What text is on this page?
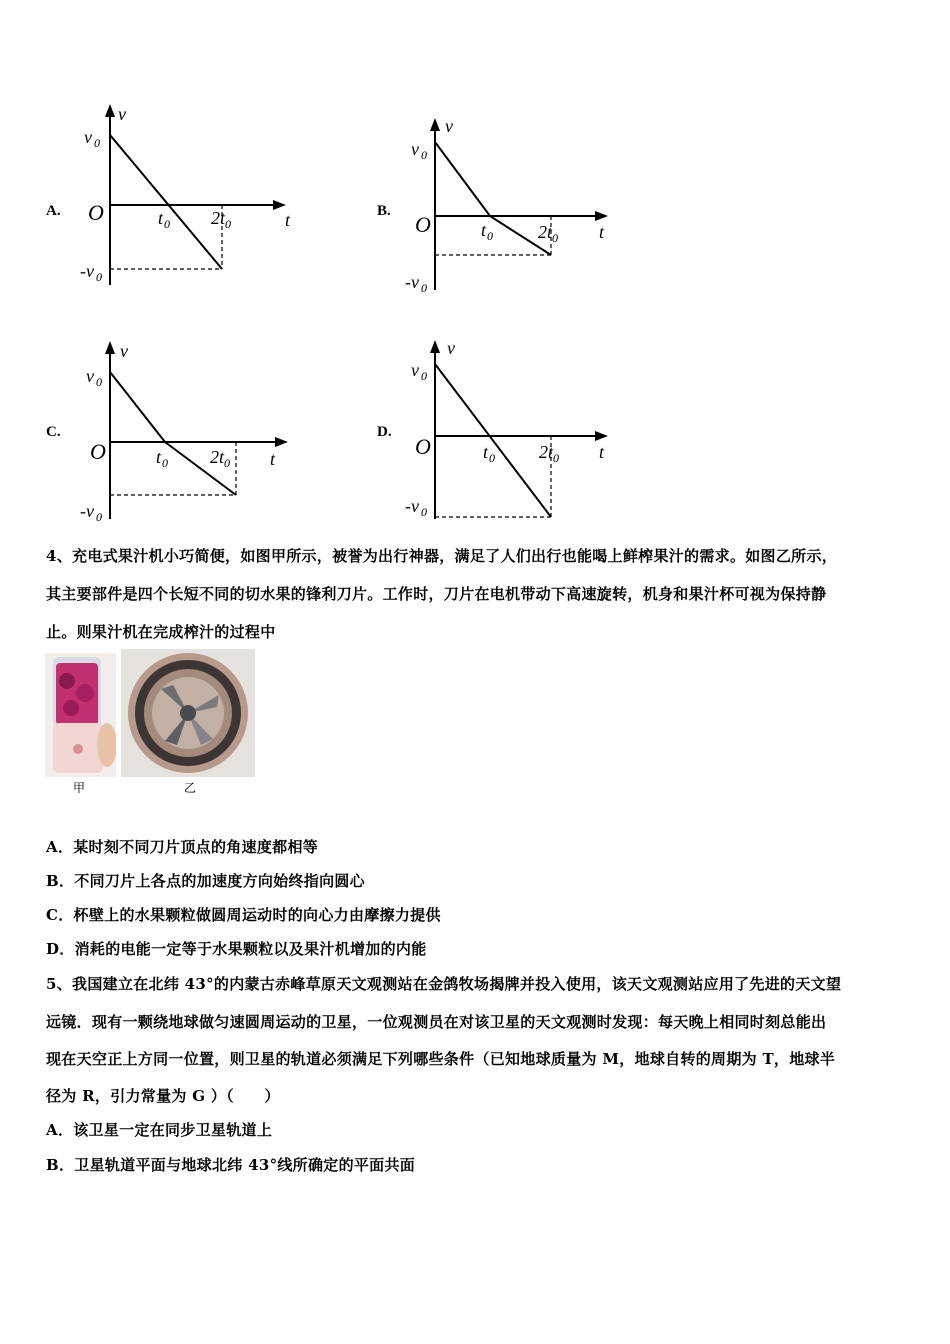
A.
v
t
O
v 0
-v 0
t 0 2t 0
B.
v
t
O
v 0
-v 0
t 0	2t 0
C.
v
t
O
v 0
-v 0
t 0 2t 0
D.
v
t
O
v 0
-v 0
t 0 2t 0
4、充电式果汁机小巧简便，如图甲所示，被誉为出行神器，满足了人们出行也能喝上鲜榨果汁的需求。如图乙所示，
其主要部件是四个长短不同的切水果的锋利刀片。工作时，刀片在电机带动下高速旋转，机身和果汁杯可视为保持静
止。则果汁机在完成榨汁的过程中
甲	乙
A．某时刻不同刀片顶点的角速度都相等
B．不同刀片上各点的加速度方向始终指向圆心
C．杯壁上的水果颗粒做圆周运动时的向心力由摩擦力提供
D．消耗的电能一定等于水果颗粒以及果汁机增加的内能
5、我国建立在北纬 43°的内蒙古赤峰草原天文观测站在金鸽牧场揭牌并投入使用，该天文观测站应用了先进的天文望
远镜．现有一颗绕地球做匀速圆周运动的卫星，一位观测员在对该卫星的天文观测时发现：每天晚上相同时刻总能出
现在天空正上方同一位置，则卫星的轨道必须满足下列哪些条件（已知地球质量为 M，地球自转的周期为 T，地球半
径为 R，引力常量为 G ）（　　）
A．该卫星一定在同步卫星轨道上
B．卫星轨道平面与地球北纬 43°线所确定的平面共面
